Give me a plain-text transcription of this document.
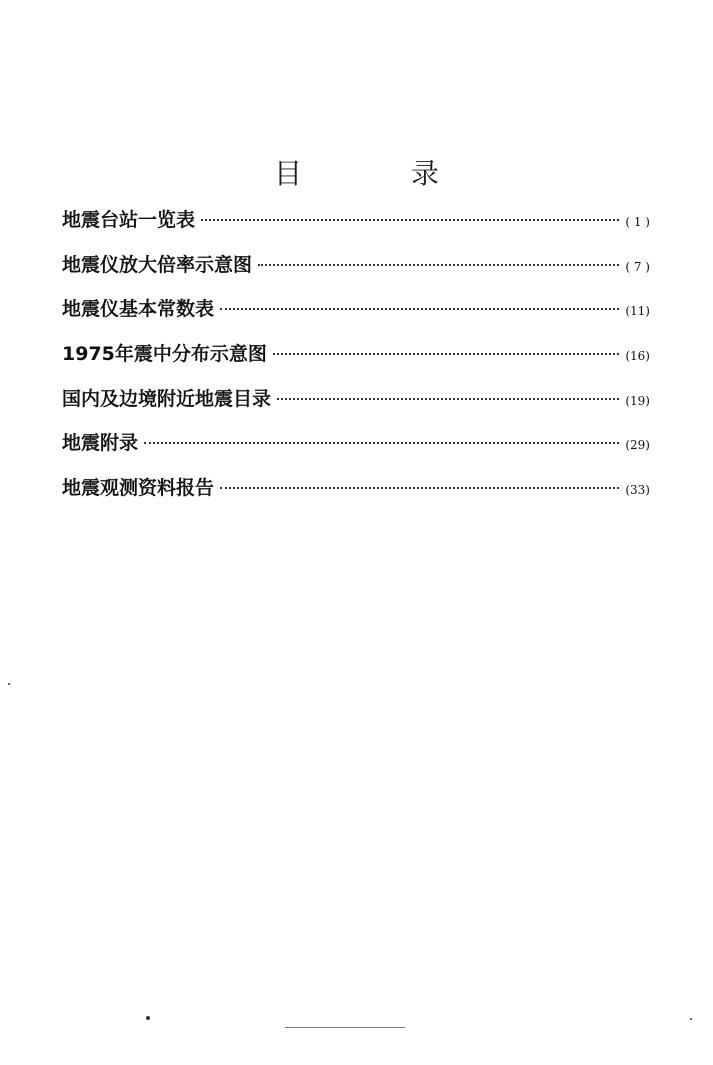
目 录
地震台站一览表	( 1 )
地震仪放大倍率示意图	( 7 )
地震仪基本常数表	(11)
1975年震中分布示意图	(16)
国内及边境附近地震目录	(19)
地震附录	(29)
地震观测资料报告	(33)
